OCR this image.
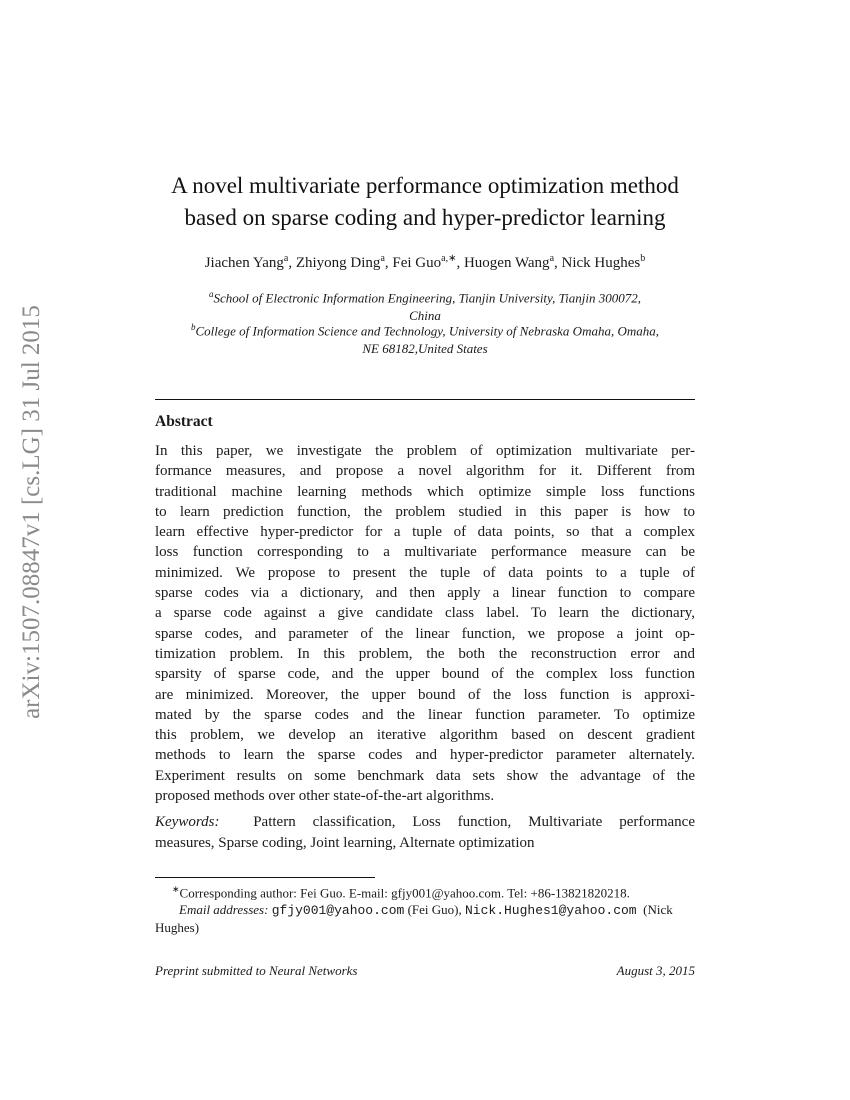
arXiv:1507.08847v1 [cs.LG] 31 Jul 2015
A novel multivariate performance optimization method
based on sparse coding and hyper-predictor learning
Jiachen Yang$^a$, Zhiyong Ding$^a$, Fei Guo$^{a,∗}$, Huogen Wang$^a$, Nick Hughes$^b$
$^a$School of Electronic Information Engineering, Tianjin University, Tianjin 300072,
China
$^b$College of Information Science and Technology, University of Nebraska Omaha, Omaha,
NE 68182,United States
Abstract
In this paper, we investigate the problem of optimization multivariate per-
formance measures, and propose a novel algorithm for it. Different from
traditional machine learning methods which optimize simple loss functions
to learn prediction function, the problem studied in this paper is how to
learn effective hyper-predictor for a tuple of data points, so that a complex
loss function corresponding to a multivariate performance measure can be
minimized. We propose to present the tuple of data points to a tuple of
sparse codes via a dictionary, and then apply a linear function to compare
a sparse code against a give candidate class label. To learn the dictionary,
sparse codes, and parameter of the linear function, we propose a joint op-
timization problem. In this problem, the both the reconstruction error and
sparsity of sparse code, and the upper bound of the complex loss function
are minimized. Moreover, the upper bound of the loss function is approxi-
mated by the sparse codes and the linear function parameter. To optimize
this problem, we develop an iterative algorithm based on descent gradient
methods to learn the sparse codes and hyper-predictor parameter alternately.
Experiment results on some benchmark data sets show the advantage of the
proposed methods over other state-of-the-art algorithms.
Keywords: Pattern classification, Loss function, Multivariate performance
measures, Sparse coding, Joint learning, Alternate optimization
∗Corresponding author: Fei Guo. E-mail: gfjy001@yahoo.com. Tel: +86-13821820218.
Email addresses: gfjy001@yahoo.com (Fei Guo), Nick.Hughes1@yahoo.com (Nick
Hughes)
Preprint submitted to Neural Networks	August 3, 2015
